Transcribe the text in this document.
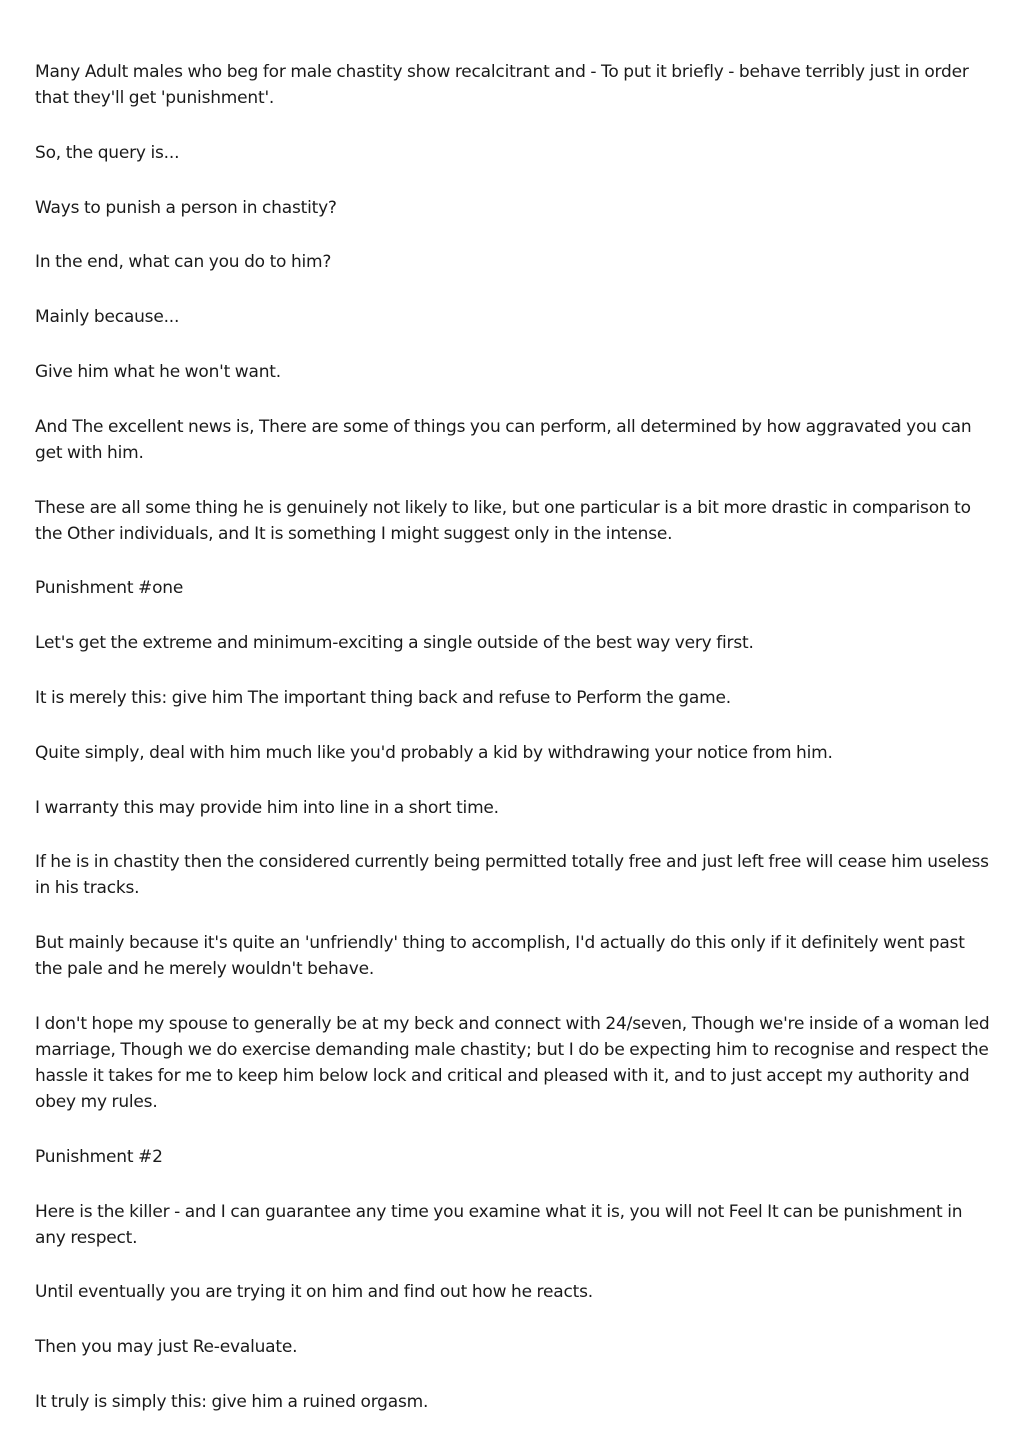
Many Adult males who beg for male chastity show recalcitrant and - To put it briefly - behave terribly just in order that they'll get 'punishment'.

So, the query is...

Ways to punish a person in chastity?

In the end, what can you do to him?

Mainly because...

Give him what he won't want.

And The excellent news is, There are some of things you can perform, all determined by how aggravated you can get with him.

These are all some thing he is genuinely not likely to like, but one particular is a bit more drastic in comparison to the Other individuals, and It is something I might suggest only in the intense.

Punishment #one

Let's get the extreme and minimum-exciting a single outside of the best way very first.

It is merely this: give him The important thing back and refuse to Perform the game.

Quite simply, deal with him much like you'd probably a kid by withdrawing your notice from him.

I warranty this may provide him into line in a short time.

If he is in chastity then the considered currently being permitted totally free and just left free will cease him useless in his tracks.

But mainly because it's quite an 'unfriendly' thing to accomplish, I'd actually do this only if it definitely went past the pale and he merely wouldn't behave.

I don't hope my spouse to generally be at my beck and connect with 24/seven, Though we're inside of a woman led marriage, Though we do exercise demanding male chastity; but I do be expecting him to recognise and respect the hassle it takes for me to keep him below lock and critical and pleased with it, and to just accept my authority and obey my rules.

Punishment #2

Here is the killer - and I can guarantee any time you examine what it is, you will not Feel It can be punishment in any respect.

Until eventually you are trying it on him and find out how he reacts.

Then you may just Re-evaluate.

It truly is simply this: give him a ruined orgasm.
